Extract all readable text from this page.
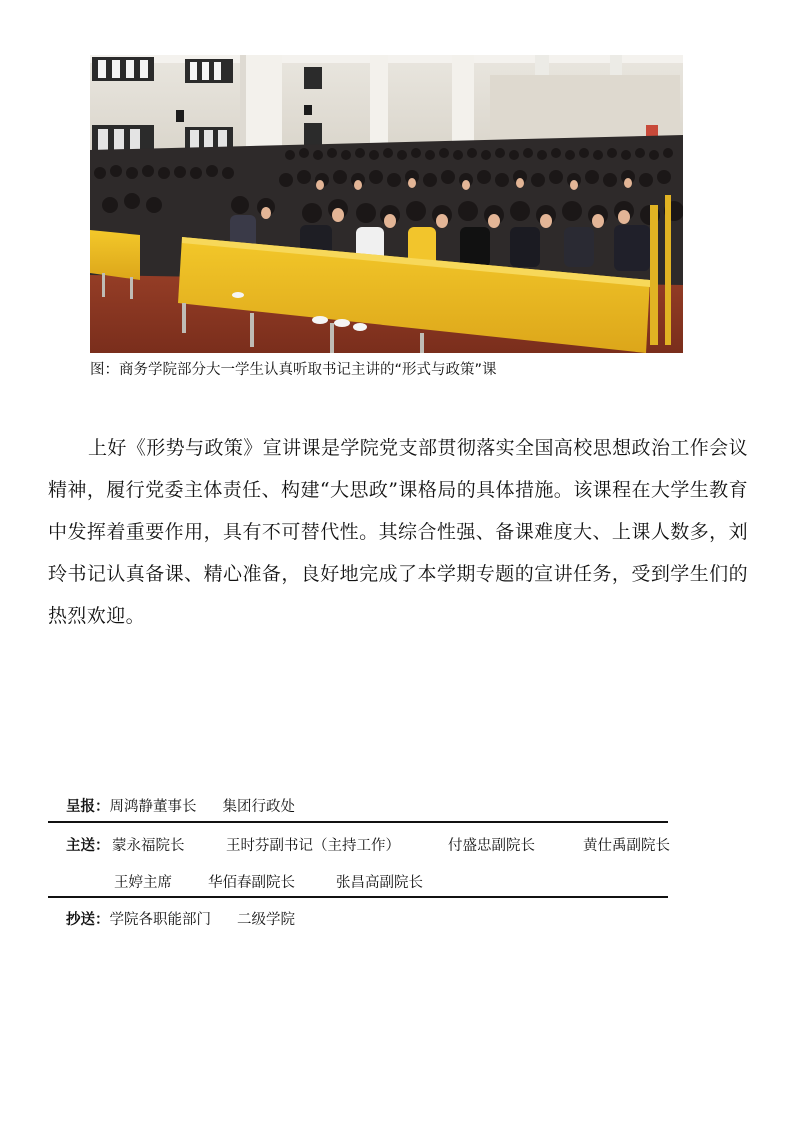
图：商务学院部分大一学生认真听取书记主讲的“形式与政策”课

上好《形势与政策》宣讲课是学院党支部贯彻落实全国高校思想政治工作会议精神，履行党委主体责任、构建“大思政”课格局的具体措施。该课程在大学生教育中发挥着重要作用，具有不可替代性。其综合性强、备课难度大、上课人数多，刘玲书记认真备课、精心准备，良好地完成了本学期专题的宣讲任务，受到学生们的热烈欢迎。

呈报：周鸿静董事长 集团行政处
主送： 蒙永福院长	王时芬副书记（主持工作）	付盛忠副院长	黄仕禹副院长
王婷主席 华佰春副院长	张昌高副院长
抄送：学院各职能部门 二级学院
